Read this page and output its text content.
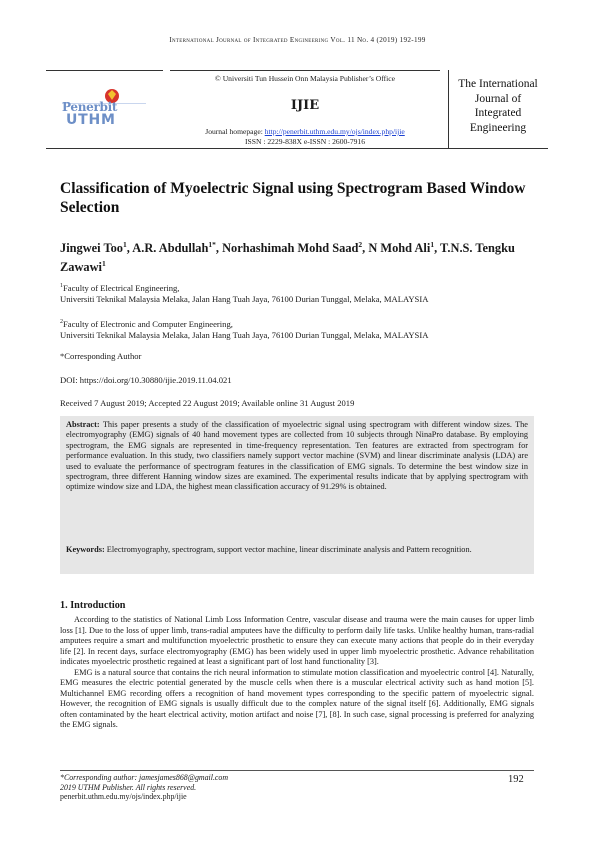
International Journal of Integrated Engineering Vol. 11 No. 4 (2019) 192-199
Penerbit
UTHM
© Universiti Tun Hussein Onn Malaysia Publisher’s Office
IJIE
Journal homepage: http://penerbit.uthm.edu.my/ojs/index.php/ijie
ISSN : 2229-838X e-ISSN : 2600-7916
The International Journal of Integrated Engineering
Classification of Myoelectric Signal using Spectrogram Based Window Selection
Jingwei Too$^1$, A.R. Abdullah$^{1*}$, Norhashimah Mohd Saad$^2$, N Mohd Ali$^1$, T.N.S. Tengku Zawawi$^1$
$^1$Faculty of Electrical Engineering,
Universiti Teknikal Malaysia Melaka, Jalan Hang Tuah Jaya, 76100 Durian Tunggal, Melaka, MALAYSIA
$^2$Faculty of Electronic and Computer Engineering,
Universiti Teknikal Malaysia Melaka, Jalan Hang Tuah Jaya, 76100 Durian Tunggal, Melaka, MALAYSIA
*Corresponding Author
DOI: https://doi.org/10.30880/ijie.2019.11.04.021
Received 7 August 2019; Accepted 22 August 2019; Available online 31 August 2019
Abstract: This paper presents a study of the classification of myoelectric signal using spectrogram with different window sizes. The electromyography (EMG) signals of 40 hand movement types are collected from 10 subjects through NinaPro database. By employing spectrogram, the EMG signals are represented in time-frequency representation. Ten features are extracted from spectrogram for performance evaluation. In this study, two classifiers namely support vector machine (SVM) and linear discriminate analysis (LDA) are used to evaluate the performance of spectrogram features in the classification of EMG signals. To determine the best window size in spectrogram, three different Hanning window sizes are examined. The experimental results indicate that by applying spectrogram with optimize window size and LDA, the highest mean classification accuracy of 91.29% is obtained.
Keywords: Electromyography, spectrogram, support vector machine, linear discriminate analysis and Pattern recognition.
1. Introduction

According to the statistics of National Limb Loss Information Centre, vascular disease and trauma were the main causes for upper limb loss [1]. Due to the loss of upper limb, trans-radial amputees have the difficulty to perform daily life tasks. Unlike healthy human, trans-radial amputees require a smart and multifunction myoelectric prosthetic to ensure they can execute many actions that people do in their everyday life [2]. In recent days, surface electromyography (EMG) has been widely used in upper limb myoelectric prosthetic. Advance rehabilitation indicates myoelectric prosthetic regained at least a significant part of lost hand functionality [3].

EMG is a natural source that contains the rich neural information to stimulate motion classification and myoelectric control [4]. Naturally, EMG measures the electric potential generated by the muscle cells when there is a muscular electrical activity such as hand motion [5]. Multichannel EMG recording offers a recognition of hand movement types corresponding to the specific pattern of myoelectric signal. However, the recognition of EMG signals is usually difficult due to the complex nature of the signal itself [6]. Additionally, EMG signals often contaminated by the heart electrical activity, motion artifact and noise [7], [8]. In such case, signal processing is preferred for analyzing the EMG signals.

*Corresponding author: jamesjames868@gmail.com
2019 UTHM Publisher. All rights reserved.
penerbit.uthm.edu.my/ojs/index.php/ijie
192
